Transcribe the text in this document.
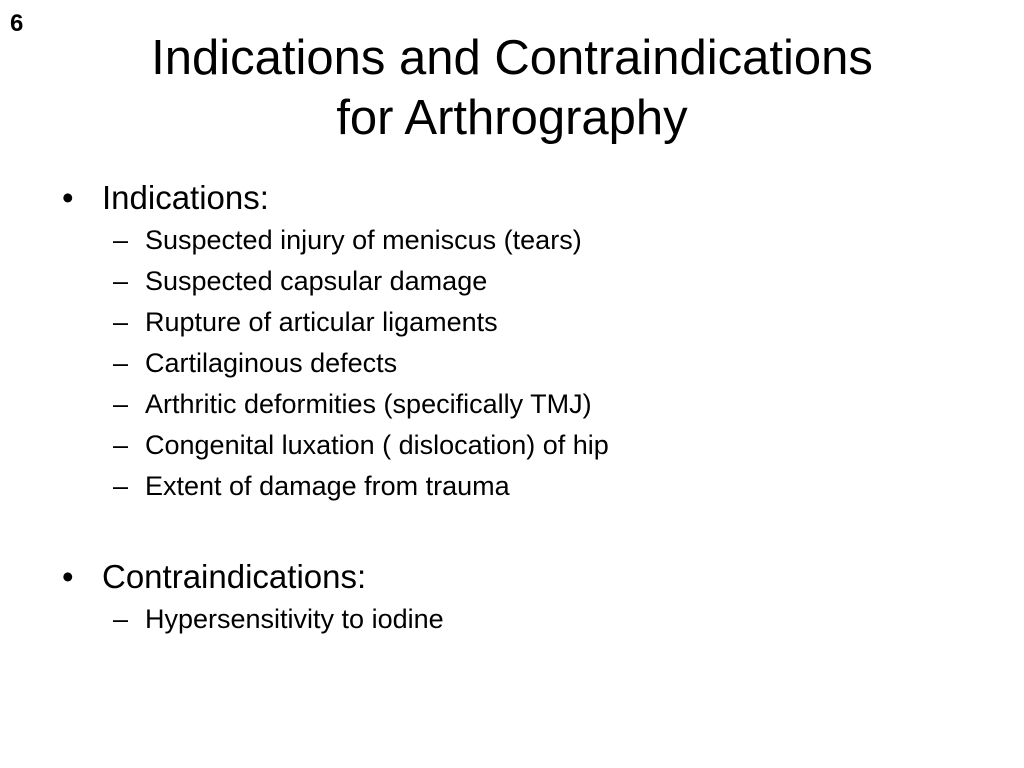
6
Indications and Contraindications
for Arthrography
• Indications:
– Suspected injury of meniscus (tears)
– Suspected capsular damage
– Rupture of articular ligaments
– Cartilaginous defects
– Arthritic deformities (specifically TMJ)
– Congenital luxation ( dislocation) of hip
– Extent of damage from trauma
• Contraindications:
– Hypersensitivity to iodine
